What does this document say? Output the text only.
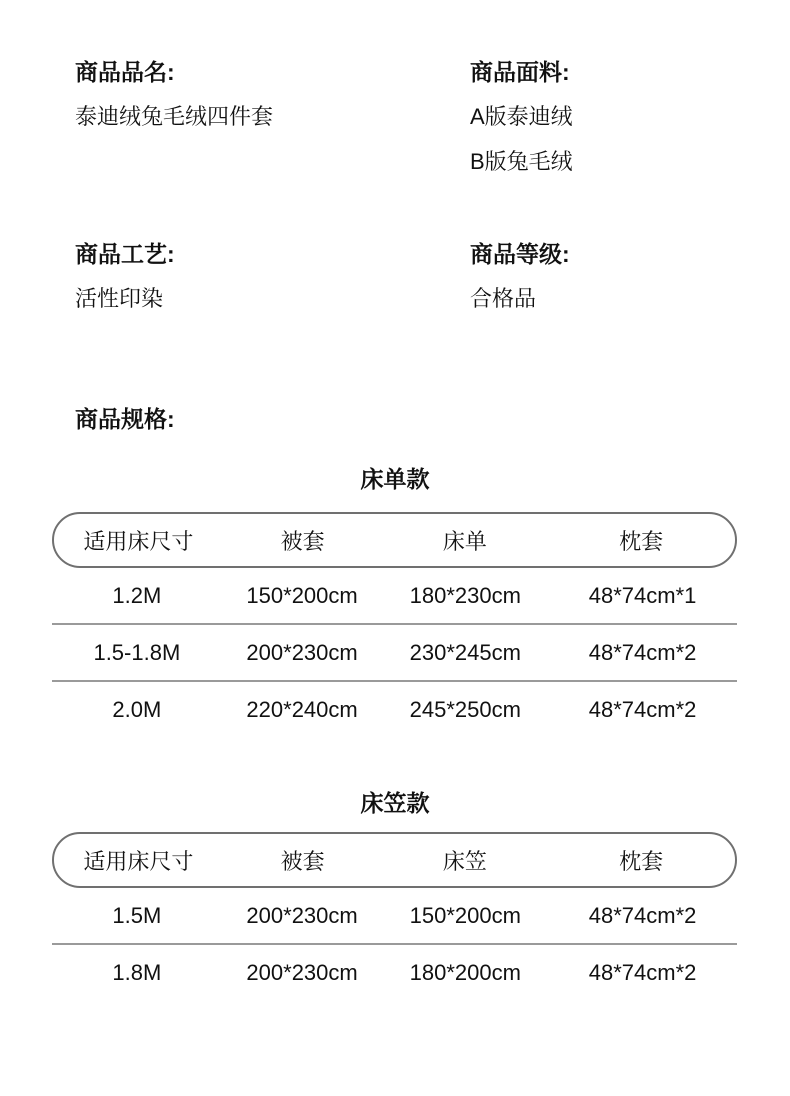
商品品名:
泰迪绒兔毛绒四件套
商品面料:
A版泰迪绒
B版兔毛绒
商品工艺:
活性印染
商品等级:
合格品
商品规格:
床单款
适用床尺寸	被套	床单	枕套
1.2M	150*200cm	180*230cm	48*74cm*1
1.5-1.8M	200*230cm	230*245cm	48*74cm*2
2.0M	220*240cm	245*250cm	48*74cm*2
床笠款
适用床尺寸	被套	床笠	枕套
1.5M	200*230cm	150*200cm	48*74cm*2
1.8M	200*230cm	180*200cm	48*74cm*2
